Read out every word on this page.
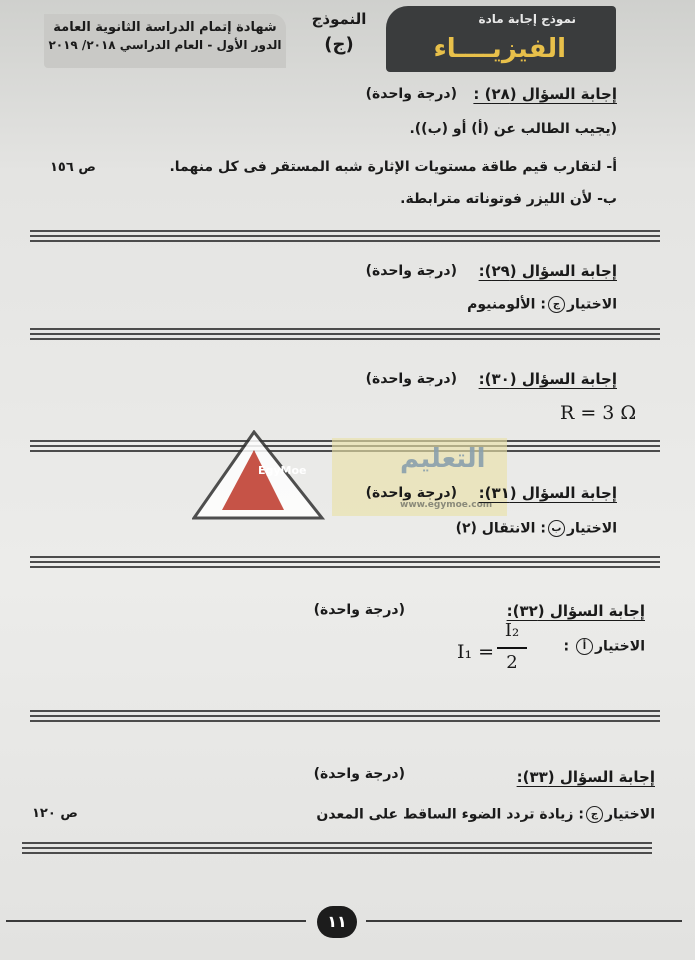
نموذج إجابة مادة
الفيزيــــاء
النموذج
(ج)
شهادة إتمام الدراسة الثانوية العامة
الدور الأول - العام الدراسي ٢٠١٨/ ٢٠١٩
إجابة السؤال (٢٨) :
(درجة واحدة)
(يجيب الطالب عن (أ) أو (ب)).
أ- لتقارب قيم طاقة مستويات الإثارة شبه المستقر فى كل منهما.
ص ١٥٦
ب- لأن الليزر فوتوناته مترابطة.
إجابة السؤال (٢٩):
(درجة واحدة)
الاختيارج: الألومنيوم
إجابة السؤال (٣٠):
(درجة واحدة)
R = 3 Ω
EgyMoe	التعليم
www.egymoe.com
إجابة السؤال (٣١):
(درجة واحدة)
الاختيارب: الانتقال (٢)
إجابة السؤال (٣٢):
(درجة واحدة)
الاختيارأ :
I₁ =
I₂
2
إجابة السؤال (٣٣):
(درجة واحدة)
ص ١٢٠	الاختيارج: زيادة تردد الضوء الساقط على المعدن
١١
